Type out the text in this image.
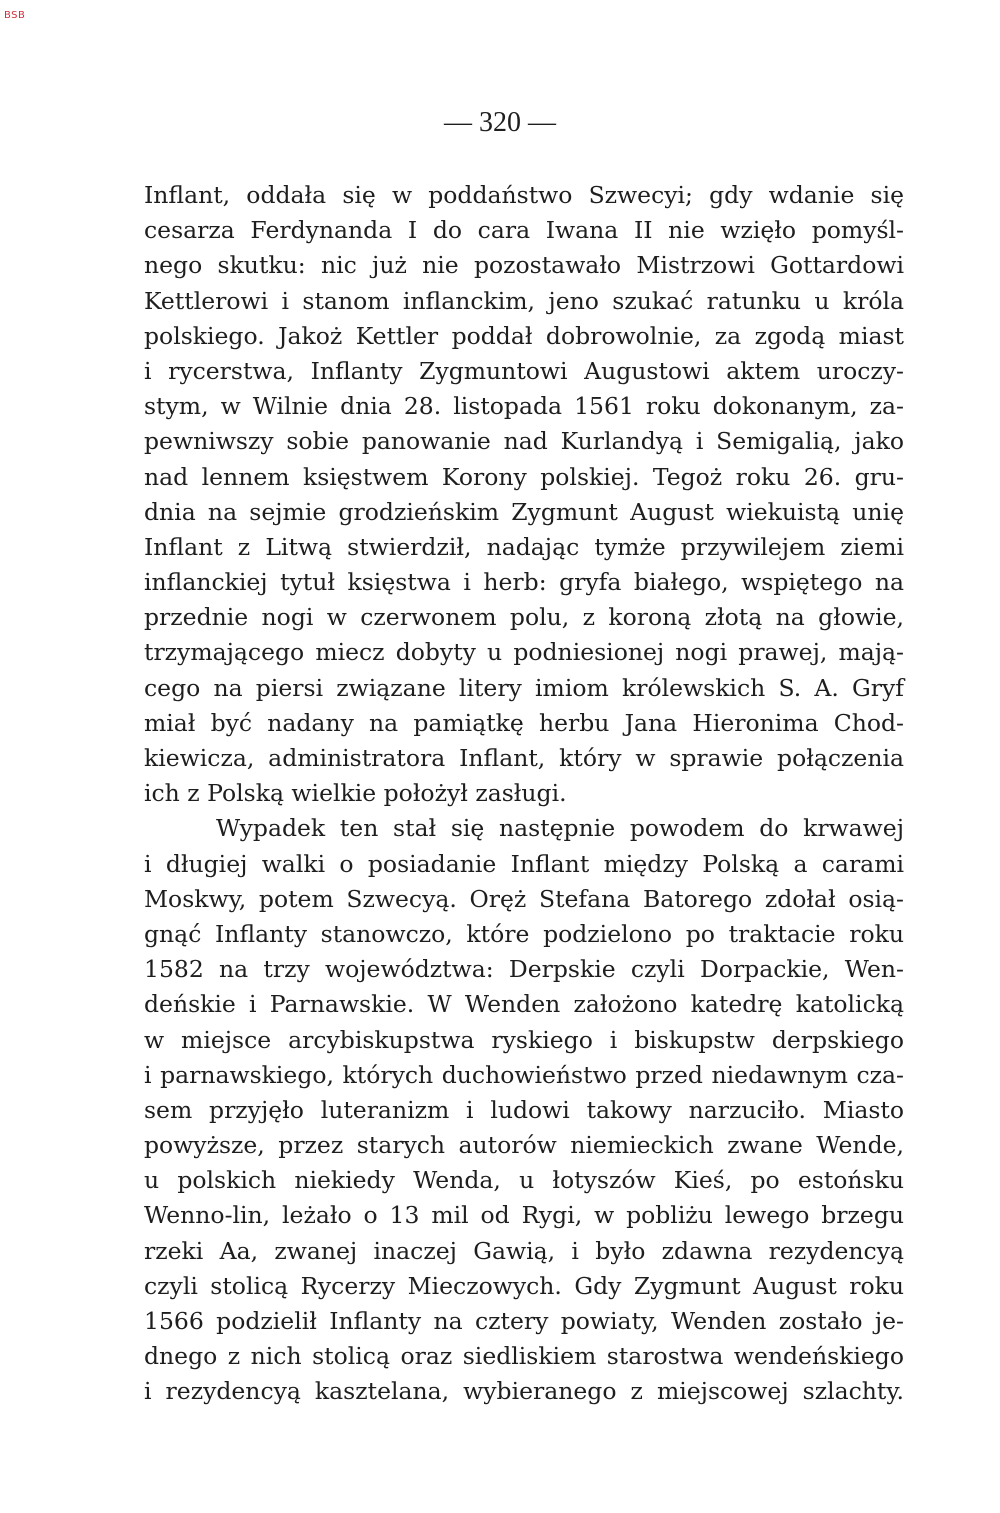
BSB
— 320 —
Inflant, oddała się w poddaństwo Szwecyi; gdy wdanie się
cesarza Ferdynanda I do cara Iwana II nie wzięło pomyśl-
nego skutku: nic już nie pozostawało Mistrzowi Gottardowi
Kettlerowi i stanom inflanckim, jeno szukać ratunku u króla
polskiego. Jakoż Kettler poddał dobrowolnie, za zgodą miast
i rycerstwa, Inflanty Zygmuntowi Augustowi aktem uroczy-
stym, w Wilnie dnia 28. listopada 1561 roku dokonanym, za-
pewniwszy sobie panowanie nad Kurlandyą i Semigalią, jako
nad lennem księstwem Korony polskiej. Tegoż roku 26. gru-
dnia na sejmie grodzieńskim Zygmunt August wiekuistą unię
Inflant z Litwą stwierdził, nadając tymże przywilejem ziemi
inflanckiej tytuł księstwa i herb: gryfa białego, wspiętego na
przednie nogi w czerwonem polu, z koroną złotą na głowie,
trzymającego miecz dobyty u podniesionej nogi prawej, mają-
cego na piersi związane litery imiom królewskich S. A. Gryf
miał być nadany na pamiątkę herbu Jana Hieronima Chod-
kiewicza, administratora Inflant, który w sprawie połączenia
ich z Polską wielkie położył zasługi.
Wypadek ten stał się następnie powodem do krwawej
i długiej walki o posiadanie Inflant między Polską a carami
Moskwy, potem Szwecyą. Oręż Stefana Batorego zdołał osią-
gnąć Inflanty stanowczo, które podzielono po traktacie roku
1582 na trzy województwa: Derpskie czyli Dorpackie, Wen-
deńskie i Parnawskie. W Wenden założono katedrę katolicką
w miejsce arcybiskupstwa ryskiego i biskupstw derpskiego
i parnawskiego, których duchowieństwo przed niedawnym cza-
sem przyjęło luteranizm i ludowi takowy narzuciło. Miasto
powyższe, przez starych autorów niemieckich zwane Wende,
u polskich niekiedy Wenda, u łotyszów Kieś, po estońsku
Wenno-lin, leżało o 13 mil od Rygi, w pobliżu lewego brzegu
rzeki Aa, zwanej inaczej Gawią, i było zdawna rezydencyą
czyli stolicą Rycerzy Mieczowych. Gdy Zygmunt August roku
1566 podzielił Inflanty na cztery powiaty, Wenden zostało je-
dnego z nich stolicą oraz siedliskiem starostwa wendeńskiego
i rezydencyą kasztelana, wybieranego z miejscowej szlachty.
